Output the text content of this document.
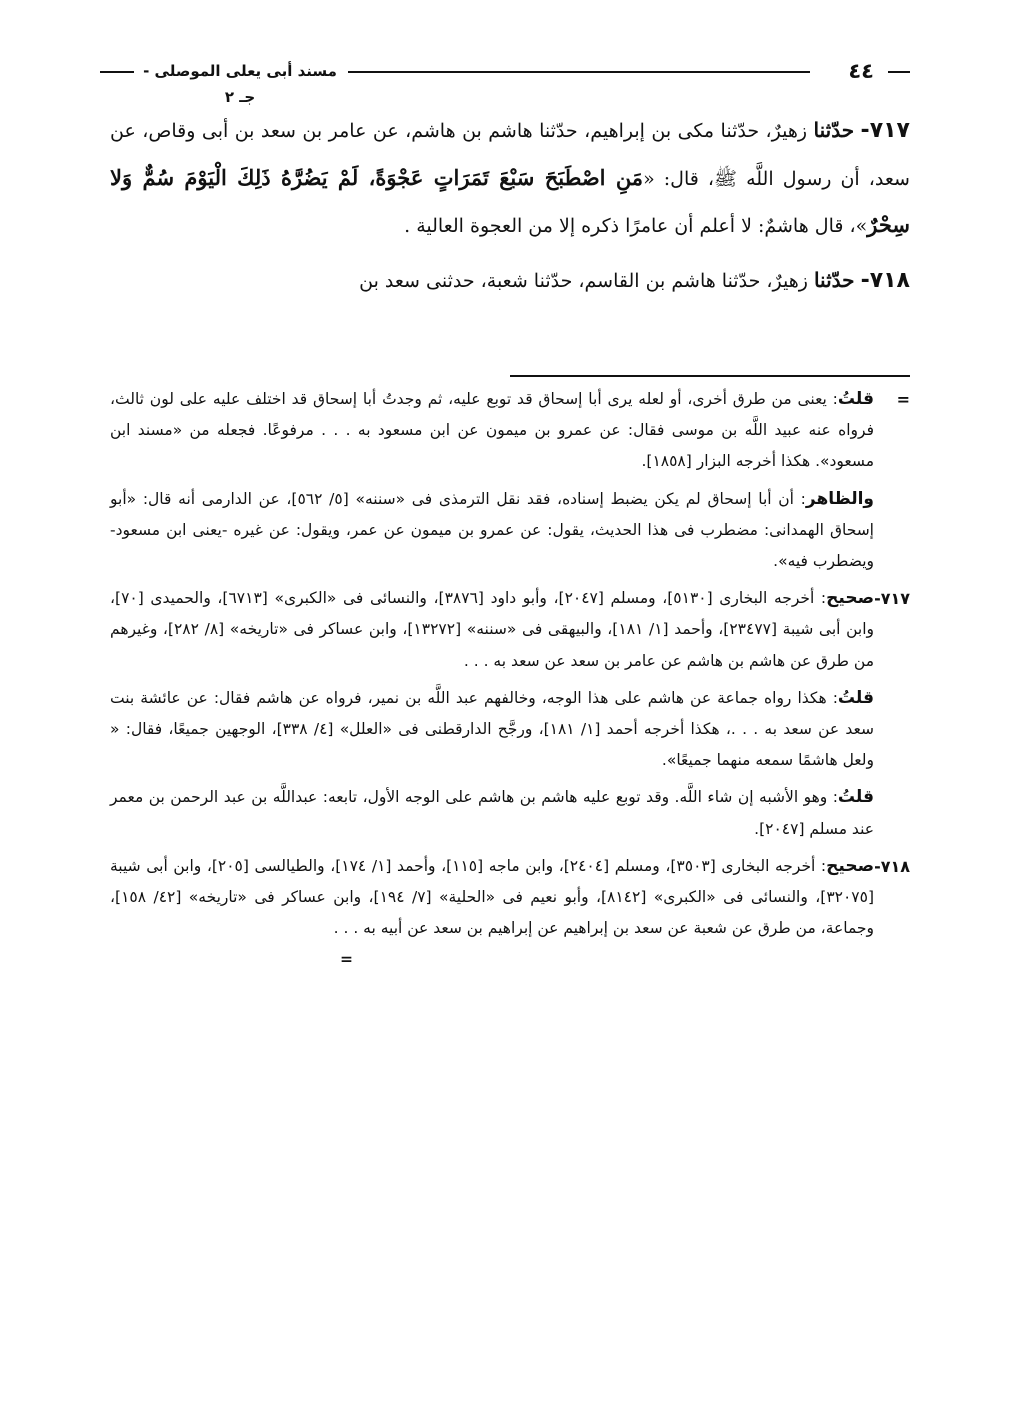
٤٤
مسند أبى يعلى الموصلى - جـ ٢

٧١٧- حدّثنا زهيرٌ، حدّثنا مكى بن إبراهيم، حدّثنا هاشم بن هاشم، عن عامر بن سعد بن أبى وقاص، عن سعد، أن رسول اللَّه ﷺ، قال: «مَنِ اصْطَبَحَ سَبْعَ تَمَرَاتٍ عَجْوَةً، لَمْ يَضُرَّهُ ذَلِكَ الْيَوْمَ سُمٌّ وَلا سِحْرٌ»، قال هاشمٌ: لا أعلم أن عامرًا ذكره إلا من العجوة العالية .

٧١٨- حدّثنا زهيرٌ، حدّثنا هاشم بن القاسم، حدّثنا شعبة، حدثنى سعد بن

=
قلتُ: يعنى من طرق أخرى، أو لعله يرى أبا إسحاق قد توبع عليه، ثم وجدتُ أبا إسحاق قد اختلف عليه على لون ثالث، فرواه عنه عبيد اللَّه بن موسى فقال: عن عمرو بن ميمون عن ابن مسعود به . . . مرفوعًا. فجعله من «مسند ابن مسعود». هكذا أخرجه البزار [١٨٥٨].
والظاهر: أن أبا إسحاق لم يكن يضبط إسناده، فقد نقل الترمذى فى «سننه» [٥/ ٥٦٢]، عن الدارمى أنه قال: «أبو إسحاق الهمدانى: مضطرب فى هذا الحديث، يقول: عن عمرو بن ميمون عن عمر، ويقول: عن غيره -يعنى ابن مسعود- ويضطرب فيه».
٧١٧-
صحيح: أخرجه البخارى [٥١٣٠]، ومسلم [٢٠٤٧]، وأبو داود [٣٨٧٦]، والنسائى فى «الكبرى» [٦٧١٣]، والحميدى [٧٠]، وابن أبى شيبة [٢٣٤٧٧]، وأحمد [١/ ١٨١]، والبيهقى فى «سننه» [١٣٢٧٢]، وابن عساكر فى «تاريخه» [٨/ ٢٨٢]، وغيرهم من طرق عن هاشم بن هاشم عن عامر بن سعد عن سعد به . . .
قلتُ: هكذا رواه جماعة عن هاشم على هذا الوجه، وخالفهم عبد اللَّه بن نمير، فرواه عن هاشم فقال: عن عائشة بنت سعد عن سعد به . . .، هكذا أخرجه أحمد [١/ ١٨١]، ورجَّح الدارقطنى فى «العلل» [٤/ ٣٣٨]، الوجهين جميعًا، فقال: « ولعل هاشمًا سمعه منهما جميعًا».
قلتُ: وهو الأشبه إن شاء اللَّه. وقد توبع عليه هاشم بن هاشم على الوجه الأول، تابعه: عبداللَّه بن عبد الرحمن بن معمر عند مسلم [٢٠٤٧].
٧١٨-
صحيح: أخرجه البخارى [٣٥٠٣]، ومسلم [٢٤٠٤]، وابن ماجه [١١٥]، وأحمد [١/ ١٧٤]، والطيالسى [٢٠٥]، وابن أبى شيبة [٣٢٠٧٥]، والنسائى فى «الكبرى» [٨١٤٢]، وأبو نعيم فى «الحلية» [٧/ ١٩٤]، وابن عساكر فى «تاريخه» [٤٢/ ١٥٨]، وجماعة، من طرق عن شعبة عن سعد بن إبراهيم عن إبراهيم بن سعد عن أبيه به . . .
=
